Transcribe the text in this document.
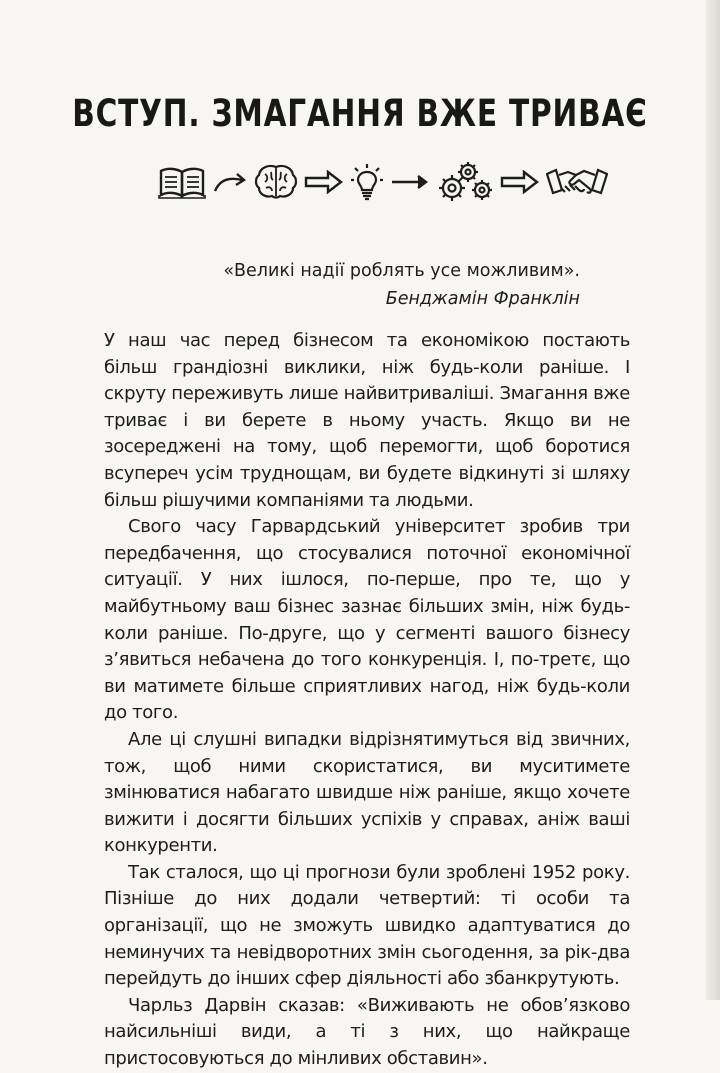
ВСТУП. ЗМАГАННЯ ВЖЕ ТРИВАЄ
«Великі надії роблять усе можливим».
Бенджамін Франклін

У наш час перед бізнесом та економікою постають більш грандіозні виклики, ніж будь-коли раніше. І скруту переживуть лише найвитриваліші. Змагання вже триває і ви берете в ньому участь. Якщо ви не зосереджені на тому, щоб перемогти, щоб боротися всупереч усім труднощам, ви будете відкинуті зі шляху більш рішучими компаніями та людьми.

Свого часу Гарвардський університет зробив три передбачення, що стосувалися поточної економічної ситуації. У них ішлося, по-перше, про те, що у майбутньому ваш бізнес зазнає більших змін, ніж будь-коли раніше. По-друге, що у сегменті вашого бізнесу з’явиться небачена до того конкуренція. І, по-третє, що ви матимете більше сприятливих нагод, ніж будь-коли до того.

Але ці слушні випадки відрізнятимуться від звичних, тож, щоб ними скористатися, ви муситимете змінюватися набагато швидше ніж раніше, якщо хочете вижити і досягти більших успіхів у справах, аніж ваші конкуренти.

Так сталося, що ці прогнози були зроблені 1952 року. Пізніше до них додали четвертий: ті особи та організації, що не зможуть швидко адаптуватися до неминучих та невідворотних змін сьогодення, за рік-два перейдуть до інших сфер діяльності або збанкрутують.

Чарльз Дарвін сказав: «Виживають не обов’язково найсильніші види, а ті з них, що найкраще пристосовуються до мінливих обставин».
